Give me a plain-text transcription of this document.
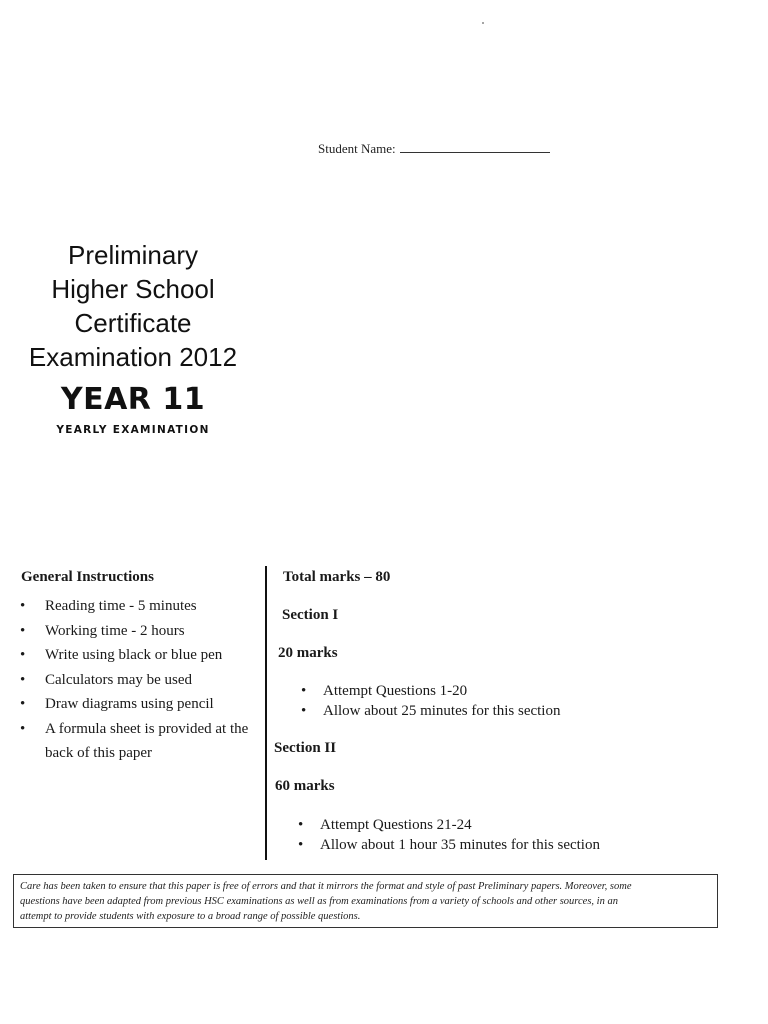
Student Name:
Preliminary
Higher School
Certificate
Examination 2012
YEAR 11
YEARLY EXAMINATION
General Instructions
• Reading time - 5 minutes
• Working time - 2 hours
• Write using black or blue pen
• Calculators may be used
• Draw diagrams using pencil
• A formula sheet is provided at the back of this paper
Total marks – 80
Section I
20 marks
• Attempt Questions 1-20
• Allow about 25 minutes for this section
Section II
60 marks
• Attempt Questions 21-24
• Allow about 1 hour 35 minutes for this section
Care has been taken to ensure that this paper is free of errors and that it mirrors the format and style of past Preliminary papers. Moreover, some
questions have been adapted from previous HSC examinations as well as from examinations from a variety of schools and other sources, in an
attempt to provide students with exposure to a broad range of possible questions.
